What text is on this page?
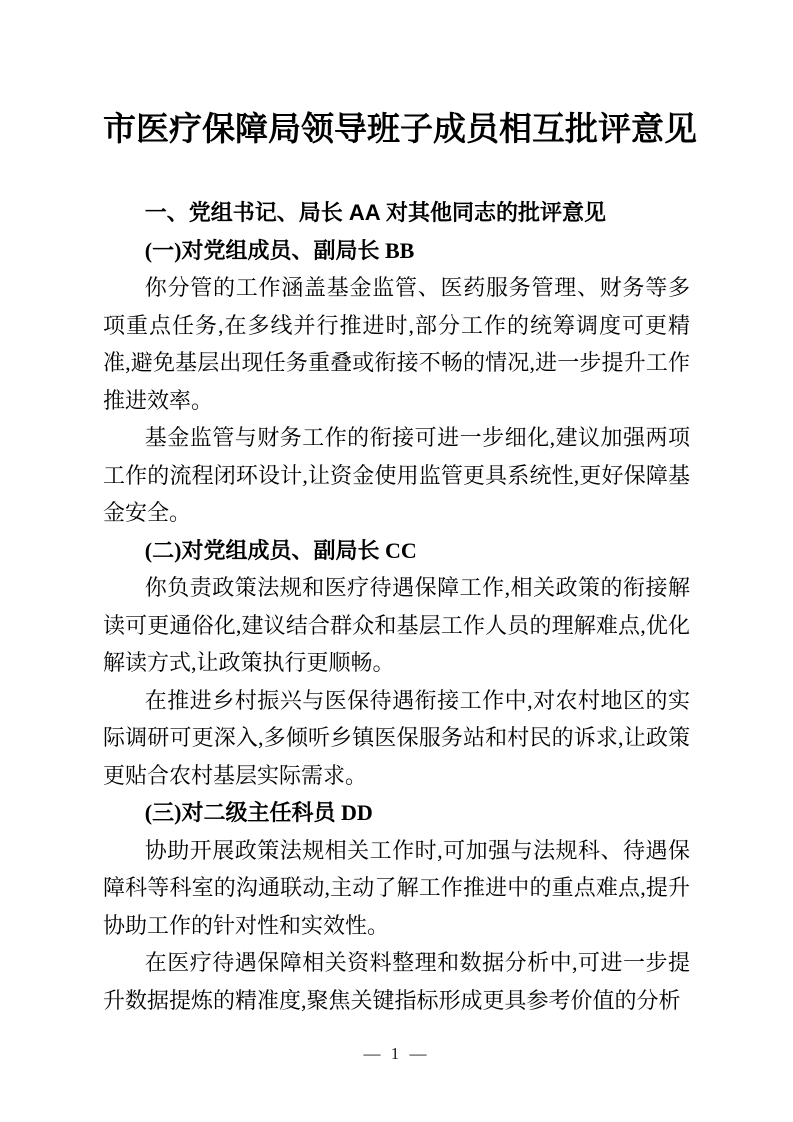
市医疗保障局领导班子成员相互批评意见
一、党组书记、局长 AA 对其他同志的批评意见
(一)对党组成员、副局长 BB
你分管的工作涵盖基金监管、医药服务管理、财务等多项重点任务,在多线并行推进时,部分工作的统筹调度可更精准,避免基层出现任务重叠或衔接不畅的情况,进一步提升工作推进效率。
基金监管与财务工作的衔接可进一步细化,建议加强两项工作的流程闭环设计,让资金使用监管更具系统性,更好保障基金安全。
(二)对党组成员、副局长 CC
你负责政策法规和医疗待遇保障工作,相关政策的衔接解读可更通俗化,建议结合群众和基层工作人员的理解难点,优化解读方式,让政策执行更顺畅。
在推进乡村振兴与医保待遇衔接工作中,对农村地区的实际调研可更深入,多倾听乡镇医保服务站和村民的诉求,让政策更贴合农村基层实际需求。
(三)对二级主任科员 DD
协助开展政策法规相关工作时,可加强与法规科、待遇保障科等科室的沟通联动,主动了解工作推进中的重点难点,提升协助工作的针对性和实效性。
在医疗待遇保障相关资料整理和数据分析中,可进一步提升数据提炼的精准度,聚焦关键指标形成更具参考价值的分析
— 1 —
